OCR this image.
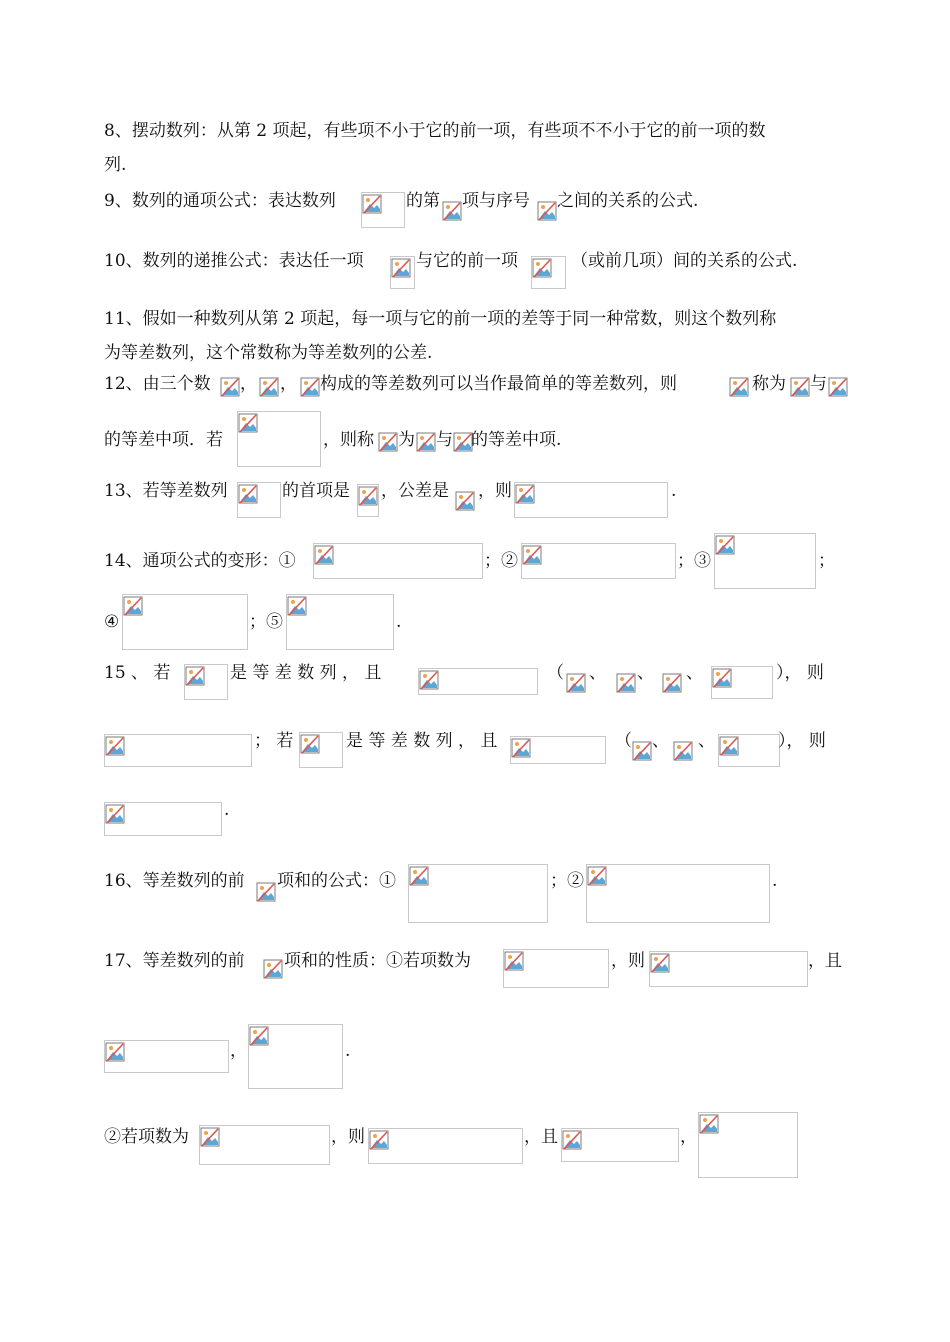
8、摆动数列：从第 2 项起，有些项不小于它的前一项，有些项不不小于它的前一项的数
列.
9、数列的通项公式：表达数列	的第 项与序号 之间的关系的公式.
10、数列的递推公式：表达任一项	与它的前一项	（或前几项）间的关系的公式.
11、假如一种数列从第 2 项起，每一项与它的前一项的差等于同一种常数，则这个数列称
为等差数列，这个常数称为等差数列的公差.
12、由三个数 ， ， 构成的等差数列可以当作最简单的等差数列，则	称为 与
的等差中项．若	，则称 为 与 的等差中项.
13、若等差数列	的首项是 ，公差是 ，则	.
14、通项公式的变形：①	；②	；③	；
④	；⑤	.
15 、 若	是 等 差 数 列 ， 且	（ 、 、 、	）， 则
； 若	是 等 差 数 列 ， 且	（ 、 、	）， 则
.
16、等差数列的前 项和的公式：①	；②	.
17、等差数列的前 项和的性质：①若项数为	，则	，且
，	.
②若项数为	，则	，且	，
